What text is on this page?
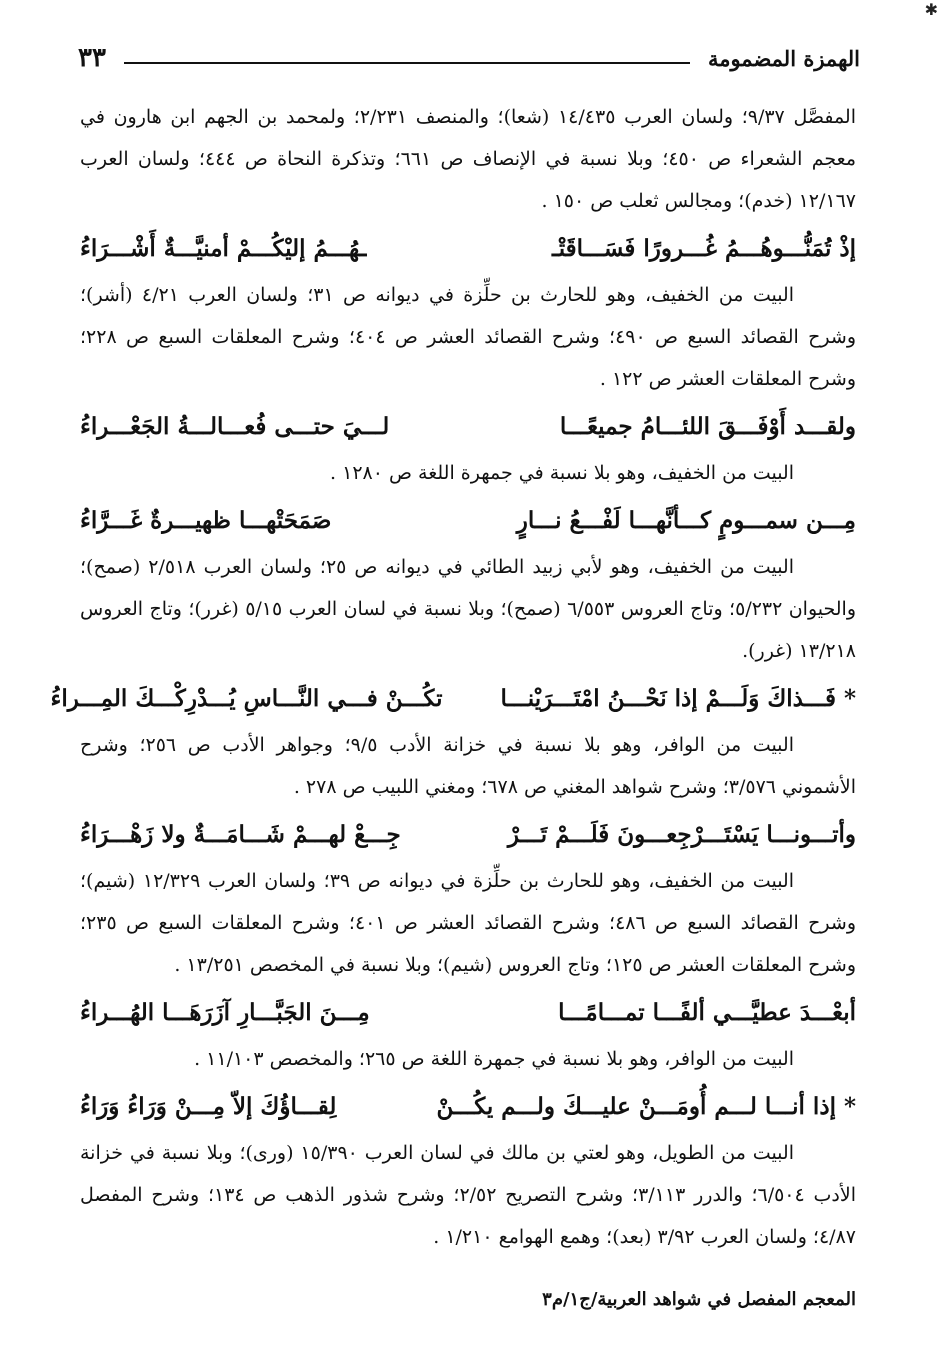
✱
الهمزة المضمومة
٣٣

المفصَّل ٩/٣٧؛ ولسان العرب ١٤/٤٣٥ (شعا)؛ والمنصف ٢/٢٣١؛ ولمحمد بن الجهم ابن هارون في معجم الشعراء ص ٤٥٠؛ وبلا نسبة في الإنصاف ص ٦٦١؛ وتذكرة النحاة ص ٤٤٤؛ ولسان العرب ١٢/١٦٧ (خدم)؛ ومجالس ثعلب ص ١٥٠ .

إذْ تُمَنُّـــوهُـــمُ غُـــرورًا فَسَـــاقَتْـ
ـهُـــمُ إليْكُـــمْ أمنيَّـــةٌ أَشْـــرَاءُ

البيت من الخفيف، وهو للحارث بن حلِّزة في ديوانه ص ٣١؛ ولسان العرب ٤/٢١ (أشر)؛ وشرح القصائد السبع ص ٤٩٠؛ وشرح القصائد العشر ص ٤٠٤؛ وشرح المعلقات السبع ص ٢٢٨؛ وشرح المعلقات العشر ص ١٢٢ .

ولقـــد أَوْفَـــقَ اللئـــامُ جميعًـــا
لـــيَ حتـــى فُعـــالـــةُ الجَعْـــراءُ

البيت من الخفيف، وهو بلا نسبة في جمهرة اللغة ص ١٢٨٠ .

مِـــن سمـــومٍ كـــأنَّهـــا لَفْـــعُ نـــارٍ
صَمَحَتْهـــا ظهيـــرةٌ غَـــرَّاءُ

البيت من الخفيف، وهو لأبي زبيد الطائي في ديوانه ص ٢٥؛ ولسان العرب ٢/٥١٨ (صمح)؛ والحيوان ٥/٢٣٢؛ وتاج العروس ٦/٥٥٣ (صمح)؛ وبلا نسبة في لسان العرب ٥/١٥ (غرر)؛ وتاج العروس ١٣/٢١٨ (غرر).

* فَـــذاكَ وَلَـــمْ إذا نَحْـــنُ امْتَـــرَيْنـــا
تكُـــنْ فـــي النَّـــاسِ يُـــدْرِكْـــكَ المِـــراءُ

البيت من الوافر، وهو بلا نسبة في خزانة الأدب ٩/٥؛ وجواهر الأدب ص ٢٥٦؛ وشرح الأشموني ٣/٥٧٦؛ وشرح شواهد المغني ص ٦٧٨؛ ومغني اللبيب ص ٢٧٨ .

وأتـــونـــا يَسْتَـــرْجِعـــونَ فَلَـــمْ تَـــرْ
جِـــعْ لهـــمْ شَـــامَـــةٌ ولا زَهْـــرَاءُ

البيت من الخفيف، وهو للحارث بن حلِّزة في ديوانه ص ٣٩؛ ولسان العرب ١٢/٣٢٩ (شيم)؛ وشرح القصائد السبع ص ٤٨٦؛ وشرح القصائد العشر ص ٤٠١؛ وشرح المعلقات السبع ص ٢٣٥؛ وشرح المعلقات العشر ص ١٢٥؛ وتاج العروس (شيم)؛ وبلا نسبة في المخصص ١٣/٢٥١ .

أبعْـــدَ عطيَّـــي ألفًـــا تمـــامًـــا
مِـــنَ الجَبَّـــارِ آزَرَهَـــا الهُـــراءُ

البيت من الوافر، وهو بلا نسبة في جمهرة اللغة ص ٢٦٥؛ والمخصص ١١/١٠٣ .

* إذا أنـــا لـــم أُومَـــنْ عليـــكَ ولـــم يكُـــنْ
لِقـــاؤُكَ إلاّ مِـــنْ وَرَاءُ وَرَاءُ

البيت من الطويل، وهو لعتي بن مالك في لسان العرب ١٥/٣٩٠ (ورى)؛ وبلا نسبة في خزانة الأدب ٦/٥٠٤؛ والدرر ٣/١١٣؛ وشرح التصريح ٢/٥٢؛ وشرح شذور الذهب ص ١٣٤؛ وشرح المفصل ٤/٨٧؛ ولسان العرب ٣/٩٢ (بعد)؛ وهمع الهوامع ١/٢١٠ .

المعجم المفصل في شواهد العربية/ج١/م٣
